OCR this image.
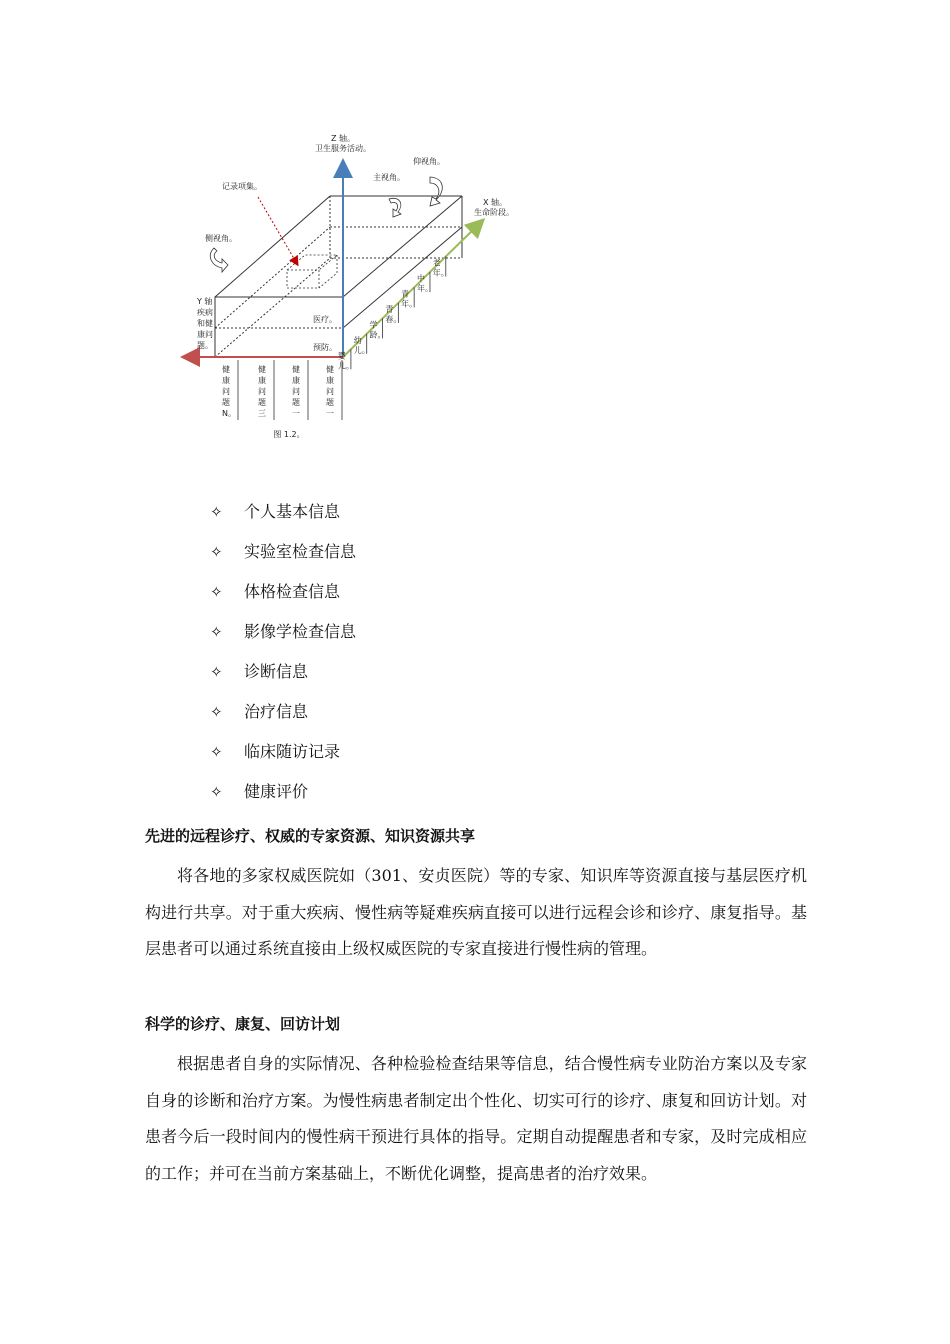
Z 轴。
卫生服务活动。
仰视角。
主视角。
记录项集。
X 轴。
生命阶段。
侧视角。
医疗。
预防。
Y 轴
疾病
和健
康问
题。
图 1.2。
婴
儿。
幼
儿。
学
龄。
青
春。
青
年。
中
年。
老
年。
健
康
问
题
N。
健
康
问
题
三
健
康
问
题
一
健
康
问
题
一
✧	个人基本信息
✧	实验室检查信息
✧	体格检查信息
✧	影像学检查信息
✧	诊断信息
✧	治疗信息
✧	临床随访记录
✧	健康评价
先进的远程诊疗、权威的专家资源、知识资源共享

将各地的多家权威医院如（301、安贞医院）等的专家、知识库等资源直接与基层医疗机构进行共享。对于重大疾病、慢性病等疑难疾病直接可以进行远程会诊和诊疗、康复指导。基层患者可以通过系统直接由上级权威医院的专家直接进行慢性病的管理。

科学的诊疗、康复、回访计划

根据患者自身的实际情况、各种检验检查结果等信息，结合慢性病专业防治方案以及专家自身的诊断和治疗方案。为慢性病患者制定出个性化、切实可行的诊疗、康复和回访计划。对患者今后一段时间内的慢性病干预进行具体的指导。定期自动提醒患者和专家，及时完成相应的工作；并可在当前方案基础上，不断优化调整，提高患者的治疗效果。
